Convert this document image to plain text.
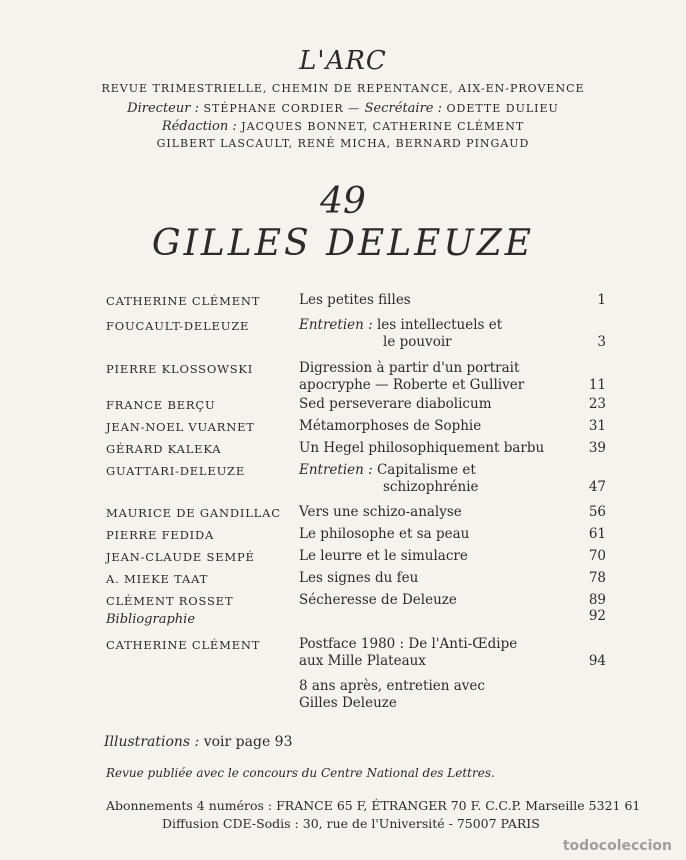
L'ARC

REVUE TRIMESTRIELLE, CHEMIN DE REPENTANCE, AIX-EN-PROVENCE
Directeur : STÉPHANE CORDIER — Secrétaire : ODETTE DULIEU
Rédaction : JACQUES BONNET, CATHERINE CLÉMENT
GILBERT LASCAULT, RENÉ MICHA, BERNARD PINGAUD

49

GILLES DELEUZE

CATHERINE CLÉMENT	Les petites filles	1
FOUCAULT-DELEUZE	Entretien : les intellectuels et
le pouvoir	3
PIERRE KLOSSOWSKI	Digression à partir d'un portrait
apocryphe — Roberte et Gulliver	11
FRANCE BERÇU	Sed perseverare diabolicum	23
JEAN-NOEL VUARNET	Métamorphoses de Sophie	31
GÉRARD KALEKA	Un Hegel philosophiquement barbu	39
GUATTARI-DELEUZE	Entretien : Capitalisme et
schizophrénie	47
MAURICE DE GANDILLAC	Vers une schizo-analyse	56
PIERRE FEDIDA	Le philosophe et sa peau	61
JEAN-CLAUDE SEMPÉ	Le leurre et le simulacre	70
A. MIEKE TAAT	Les signes du feu	78
CLÉMENT ROSSET	Sécheresse de Deleuze	89
Bibliographie	92
CATHERINE CLÉMENT	Postface 1980 : De l'Anti-Œdipe
aux Mille Plateaux	94
8 ans après, entretien avec
Gilles Deleuze
Illustrations : voir page 93
Revue publiée avec le concours du Centre National des Lettres.
Abonnements 4 numéros : FRANCE 65 F, ÉTRANGER 70 F. C.C.P. Marseille 5321 61
Diffusion CDE-Sodis : 30, rue de l'Université - 75007 PARIS
todocoleccion
